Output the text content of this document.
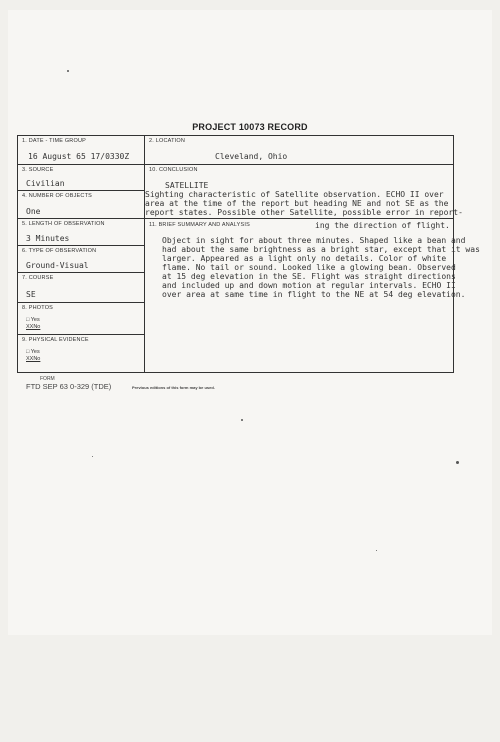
PROJECT 10073 RECORD
1. DATE - TIME GROUP
16 August 65 17/0330Z
3. SOURCE
Civilian
4. NUMBER OF OBJECTS
One
5. LENGTH OF OBSERVATION
3 Minutes
6. TYPE OF OBSERVATION
Ground-Visual
7. COURSE
SE
8. PHOTOS
□ Yes
XXNo
9. PHYSICAL EVIDENCE
□ Yes
XXNo
2. LOCATION
Cleveland, Ohio
10. CONCLUSION
SATELLITE
Sighting characteristic of Satellite observation. ECHO II over
area at the time of the report but heading NE and not SE as the
report states. Possible other Satellite, possible error in report-
11. BRIEF SUMMARY AND ANALYSIS	ing the direction of flight.
Object in sight for about three minutes. Shaped like a bean and
had about the same brightness as a bright star, except that it was
larger. Appeared as a light only no details. Color of white
flame. No tail or sound. Looked like a glowing bean. Observed
at 15 deg elevation in the SE. Flight was straight directions
and included up and down motion at regular intervals. ECHO II
over area at same time in flight to the NE at 54 deg elevation.
FORM
FTD SEP 63 0-329 (TDE)	Previous editions of this form may be used.
